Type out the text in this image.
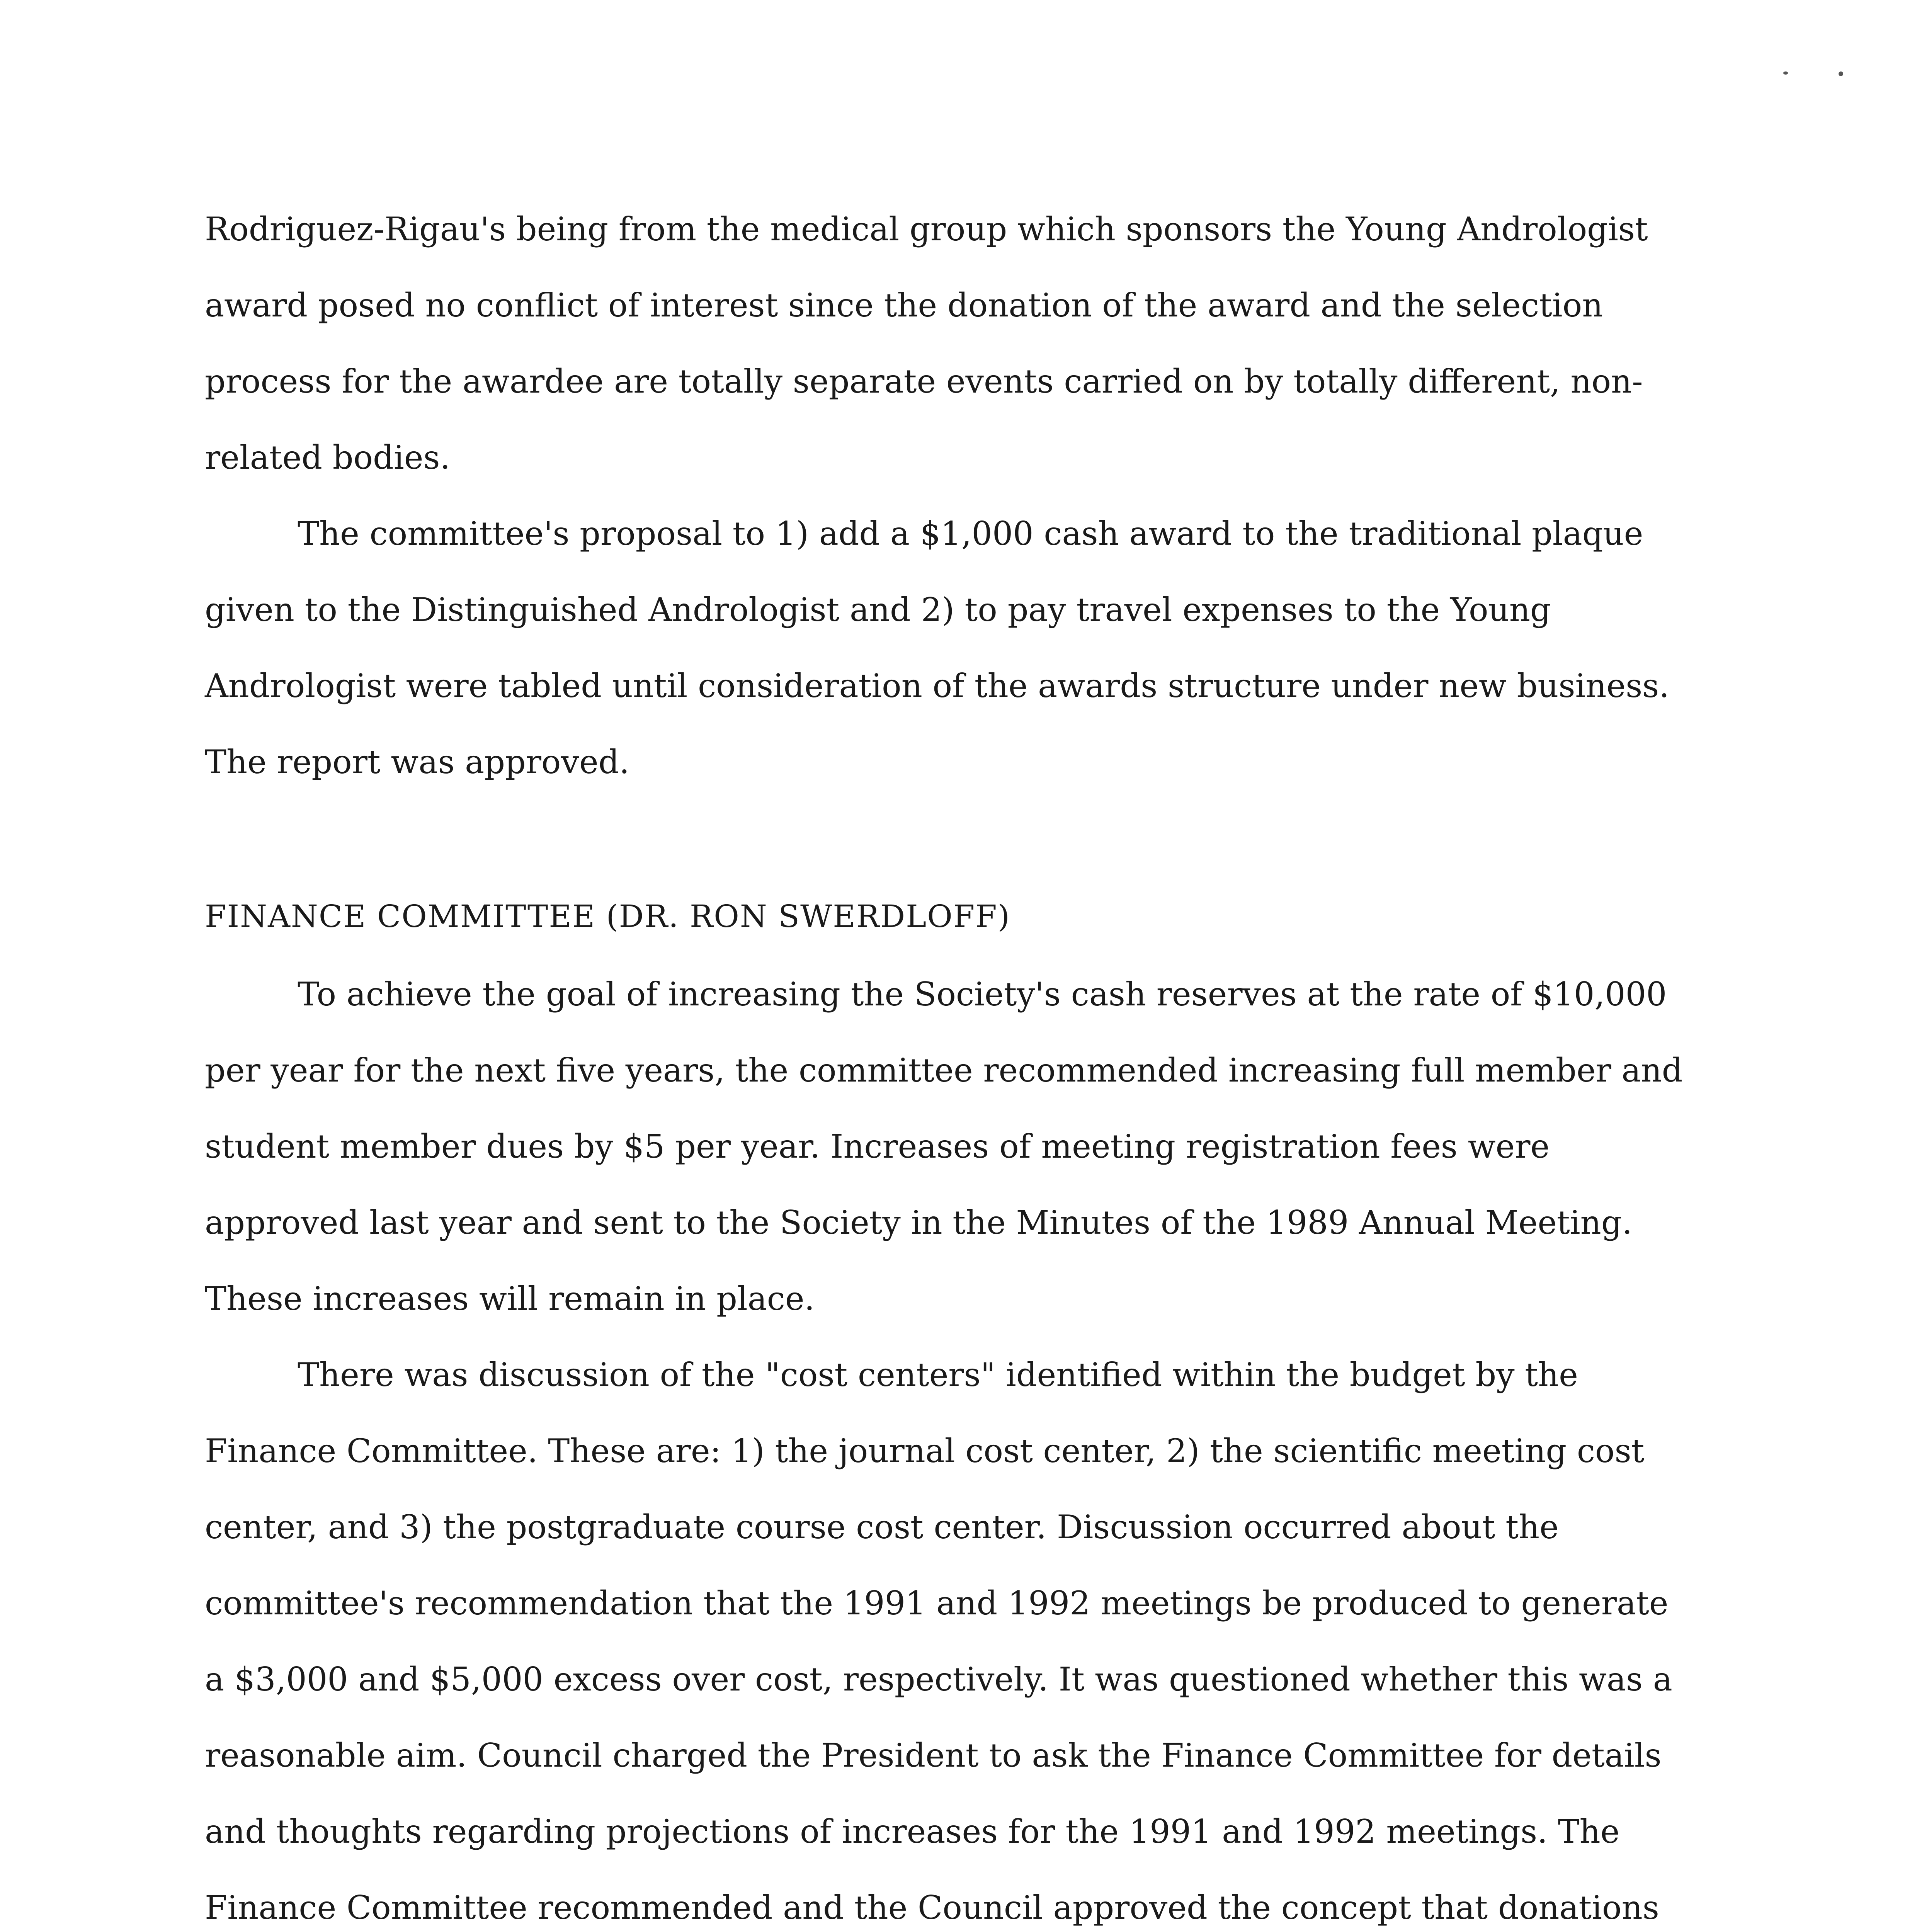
Rodriguez-Rigau's being from the medical group which sponsors the Young Andrologist award posed no conflict of interest since the donation of the award and the selection process for the awardee are totally separate events carried on by totally different, non-related bodies.

The committee's proposal to 1) add a $1,000 cash award to the traditional plaque given to the Distinguished Andrologist and 2) to pay travel expenses to the Young Andrologist were tabled until consideration of the awards structure under new business. The report was approved.

FINANCE COMMITTEE (DR. RON SWERDLOFF)

To achieve the goal of increasing the Society's cash reserves at the rate of $10,000 per year for the next five years, the committee recommended increasing full member and student member dues by $5 per year. Increases of meeting registration fees were approved last year and sent to the Society in the Minutes of the 1989 Annual Meeting. These increases will remain in place.

There was discussion of the "cost centers" identified within the budget by the Finance Committee. These are: 1) the journal cost center, 2) the scientific meeting cost center, and 3) the postgraduate course cost center. Discussion occurred about the committee's recommendation that the 1991 and 1992 meetings be produced to generate a $3,000 and $5,000 excess over cost, respectively. It was questioned whether this was a reasonable aim. Council charged the President to ask the Finance Committee for details and thoughts regarding projections of increases for the 1991 and 1992 meetings. The Finance Committee recommended and the Council approved the concept that donations
